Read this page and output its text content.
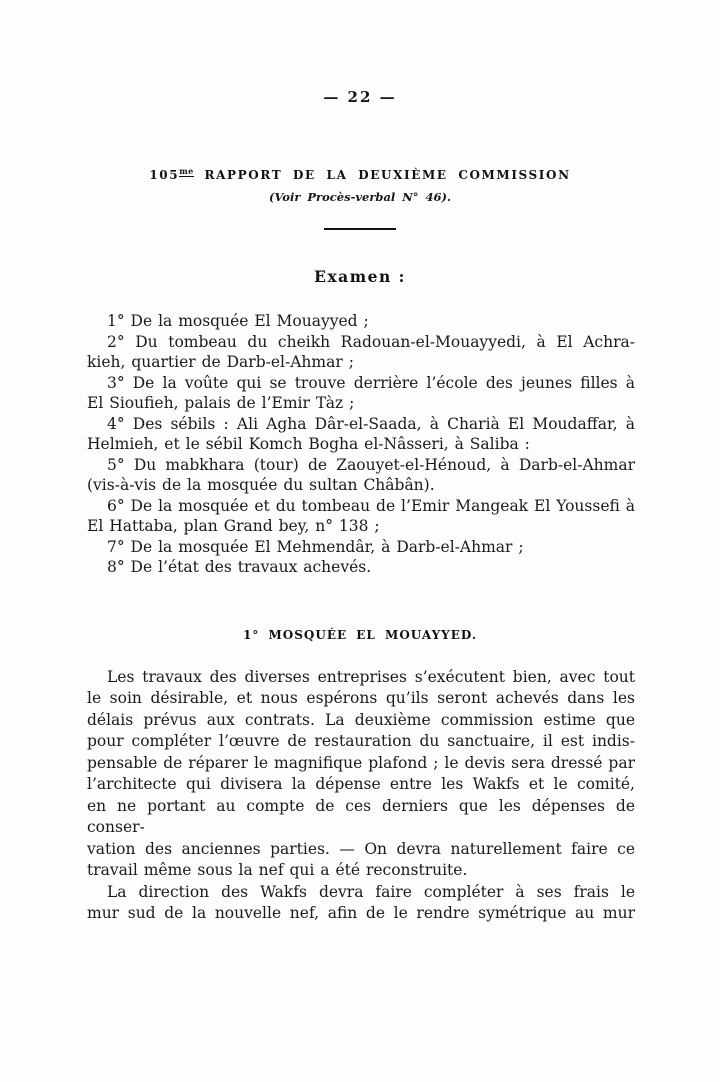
— 22 —
$105^{me}$ RAPPORT DE LA DEUXIÈME COMMISSION
(Voir Procès-verbal N° 46).
Examen :
1° De la mosquée El Mouayyed ;
2° Du tombeau du cheikh Radouan-el-Mouayyedi, à El Achra-
kieh, quartier de Darb-el-Ahmar ;
3° De la voûte qui se trouve derrière l’école des jeunes filles à
El Sioufieh, palais de l’Emir Tàz ;
4° Des sébils : Ali Agha Dâr-el-Saada, à Charià El Moudaffar, à
Helmieh, et le sébil Komch Bogha el-Nâsseri, à Saliba :
5° Du mabkhara (tour) de Zaouyet-el-Hénoud, à Darb-el-Ahmar
(vis-à-vis de la mosquée du sultan Châbân).
6° De la mosquée et du tombeau de l’Emir Mangeak El Youssefi à
El Hattaba, plan Grand bey, n° 138 ;
7° De la mosquée El Mehmendâr, à Darb-el-Ahmar ;
8° De l’état des travaux achevés.
1° MOSQUÉE EL MOUAYYED.
Les travaux des diverses entreprises s’exécutent bien, avec tout
le soin désirable, et nous espérons qu’ils seront achevés dans les
délais prévus aux contrats. La deuxième commission estime que
pour compléter l’œuvre de restauration du sanctuaire, il est indis-
pensable de réparer le magnifique plafond ; le devis sera dressé par
l’architecte qui divisera la dépense entre les Wakfs et le comité,
en ne portant au compte de ces derniers que les dépenses de conser-
vation des anciennes parties. — On devra naturellement faire ce
travail même sous la nef qui a été reconstruite.
La direction des Wakfs devra faire compléter à ses frais le
mur sud de la nouvelle nef, afin de le rendre symétrique au mur
